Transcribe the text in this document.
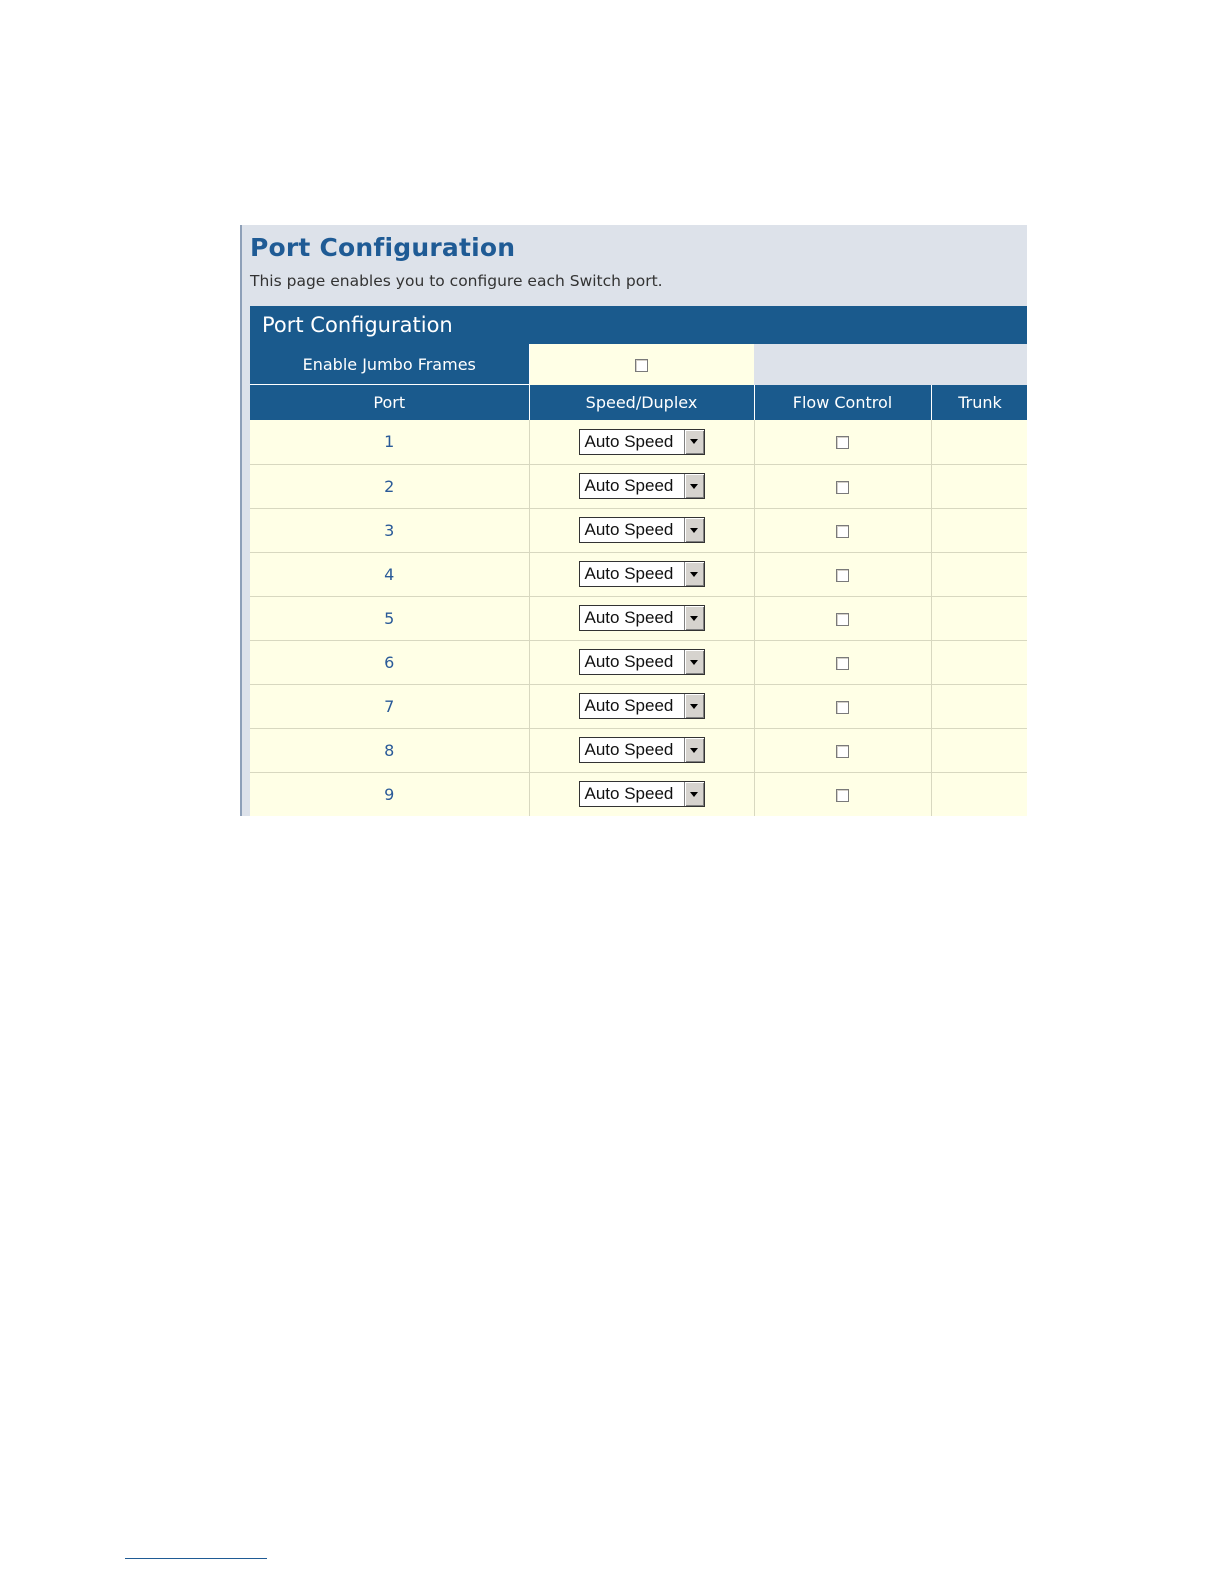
Port Configuration
This page enables you to configure each Switch port.
Port Configuration
Enable Jumbo Frames			
Port	Speed/Duplex	Flow Control	Trunk
1	Auto Speed		

2	Auto Speed		

3	Auto Speed		

4	Auto Speed		

5	Auto Speed		

6	Auto Speed		

7	Auto Speed		

8	Auto Speed		

9	Auto Speed		
